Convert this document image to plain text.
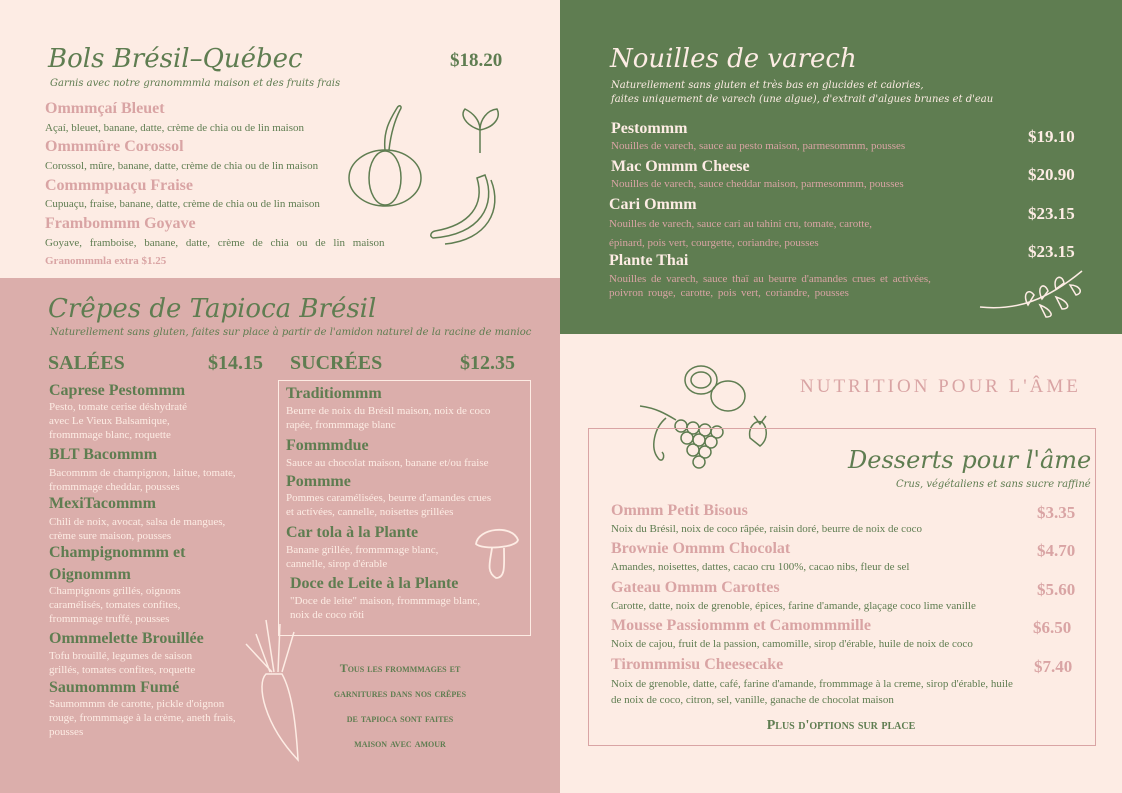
Bols Brésil–Québec	$18.20
Garnis avec notre granommmla maison et des fruits frais
Ommmçaí Bleuet
Açaí, bleuet, banane, datte, crème de chia ou de lin maison
Ommmûre Corossol
Corossol, mûre, banane, datte, crème de chia ou de lin maison
Commmpuaçu Fraise
Cupuaçu, fraise, banane, datte, crème de chia ou de lin maison
Frambommm Goyave
Goyave, framboise, banane, datte, crème de chia ou de lin maison
Granommmla extra $1.25
Crêpes de Tapioca Brésil
Naturellement sans gluten, faites sur place à partir de l'amidon naturel de la racine de manioc
SALÉES	$14.15 SUCRÉES	$12.35
Caprese Pestommm
Pesto, tomate cerise déshydraté
avec Le Vieux Balsamique,
frommmage blanc, roquette
BLT Bacommm
Bacommm de champignon, laitue, tomate,
frommmage cheddar, pousses
MexiTacommm
Chili de noix, avocat, salsa de mangues,
crème sure maison, pousses
Champignommm et
Oignommm
Champignons grillés, oignons
caramélisés, tomates confites,
frommmage truffé, pousses
Ommmelette Brouillée
Tofu brouillé, legumes de saison
grillés, tomates confites, roquette
Saumommm Fumé
Saumommm de carotte, pickle d'oignon
rouge, frommmage à la crème, aneth frais,
pousses
Traditiommm
Beurre de noix du Brésil maison, noix de coco
rapée, frommmage blanc
Fommmdue
Sauce au chocolat maison, banane et/ou fraise
Pommme
Pommes caramélisées, beurre d'amandes crues
et actívées, cannelle, noisettes grillées
Car tola à la Plante
Banane grillée, frommmage blanc,
cannelle, sirop d'érable
Doce de Leite à la Plante
"Doce de leite" maison, frommmage blanc,
noix de coco rôti
Tous les frommmages et
garnitures dans nos crêpes
de tapioca sont faites
maison avec amour
Nouilles de varech
Naturellement sans gluten et très bas en glucides et calories,
faites uniquement de varech (une algue), d'extrait d'algues brunes et d'eau
Pestommm
Nouilles de varech, sauce au pesto maison, parmesommm, pousses	$19.10
Mac Ommm Cheese
Nouilles de varech, sauce cheddar maison, parmesommm, pousses	$20.90
Cari Ommm
Nouilles de varech, sauce cari au tahini cru, tomate, carotte,
épinard, pois vert, courgette, coriandre, pousses
$23.15
Plante Thai
Nouilles de varech, sauce thaï au beurre d'amandes crues et activées,
poivron rouge, carotte, pois vert, coriandre, pousses
$23.15
NUTRITION POUR L'ÂME
Desserts pour l'âme
Crus, végétaliens et sans sucre raffiné
Ommm Petit Bisous
Noix du Brésil, noix de coco râpée, raisin doré, beurre de noix de coco
$3.35
Brownie Ommm Chocolat
Amandes, noisettes, dattes, cacao cru 100%, cacao nibs, fleur de sel
$4.70
Gateau Ommm Carottes
Carotte, datte, noix de grenoble, épices, farine d'amande, glaçage coco lime vanille
$5.60
Mousse Passiommm et Camommmille
Noix de cajou, fruit de la passion, camomille, sirop d'érable, huile de noix de coco
$6.50
Tirommmisu Cheesecake
Noix de grenoble, datte, café, farine d'amande, frommmage à la creme, sirop d'érable, huile
de noix de coco, citron, sel, vanille, ganache de chocolat maison
$7.40
Plus d'options sur place
